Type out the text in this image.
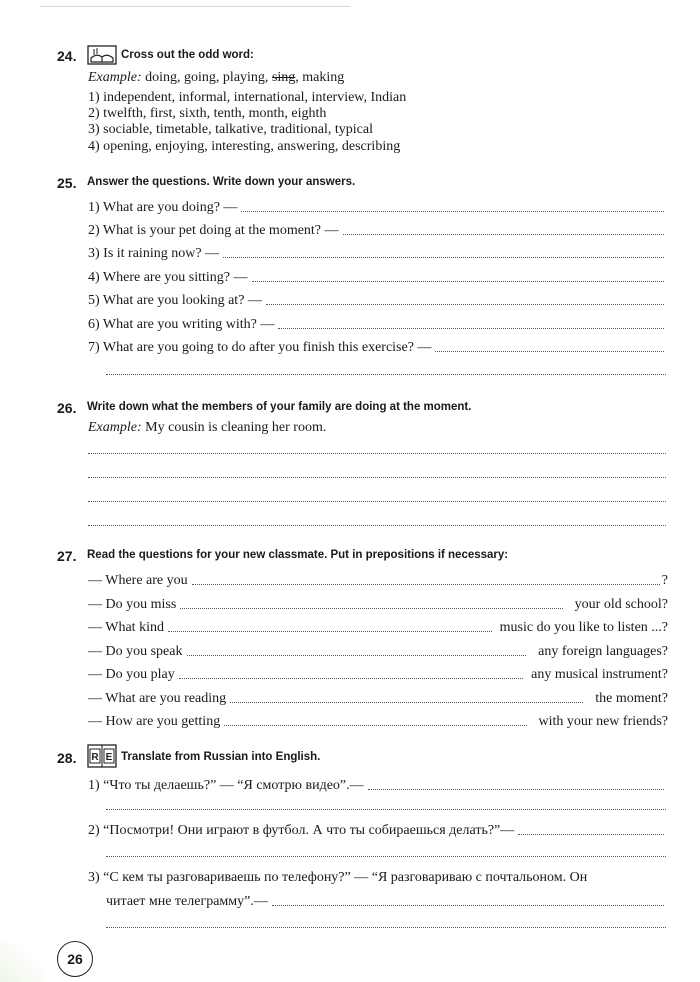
24.	Cross out the odd word:
Example: doing, going, playing, sing, making
1) independent, informal, international, interview, Indian
2) twelfth, first, sixth, tenth, month, eighth
3) sociable, timetable, talkative, traditional, typical
4) opening, enjoying, interesting, answering, describing
25. Answer the questions. Write down your answers.
1) What are you doing? —
2) What is your pet doing at the moment? —
3) Is it raining now? —
4) Where are you sitting? —
5) What are you looking at? —
6) What are you writing with? —
7) What are you going to do after you finish this exercise? —
26. Write down what the members of your family are doing at the moment.
Example: My cousin is cleaning her room.
27. Read the questions for your new classmate. Put in prepositions if necessary:
— Where are you	?
— Do you miss	your old school?
— What kind	music do you like to listen ...?
— Do you speak	any foreign languages?
— Do you play	any musical instrument?
— What are you reading	the moment?
— How are you getting	with your new friends?
28. R E Translate from Russian into English.
1) “Что ты делаешь?” — “Я смотрю видео”.—
2) “Посмотри! Они играют в футбол. А что ты собираешься делать?”—
3) “С кем ты разговариваешь по телефону?” — “Я разговариваю с почтальоном. Он
читает мне телеграмму”.—
26
